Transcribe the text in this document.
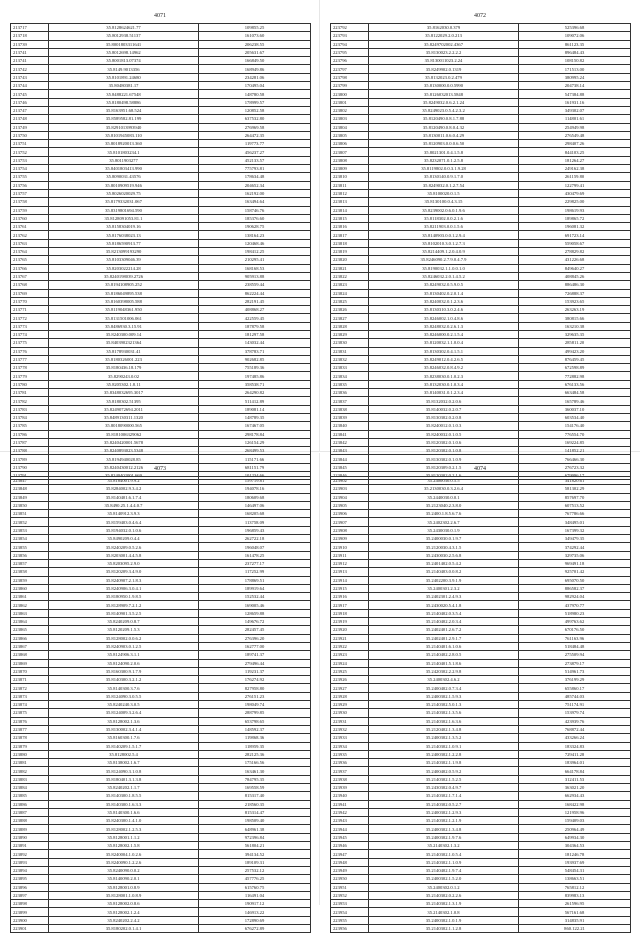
4071
213717	35.8128624621.77	109855.25
213718	35.8012938.51137	161073.60
213739	35.8001803311641	206238.55
213741	35.8012698.14962	205631.67
213741	35.8001813.07374	166849.50
213742	35.8149.9013356	168949.86
213743	35.8101891.24680	234281.06
213744	35.80480381.17	170495.04
213745	35.8488221.67548	148780.58
213746	35.8180498.58886	178999.57
213747	35.8163951.68.524	120852.58
213748	35.8589582.81.199	637532.80
213749	35.8291013993940	276969.58
213750	35.8101945083.110	264472.35
213751	35.8018920013.360	119773.77
213752	35.8101803234.1	456237.27
213753	35.8011903277	452133.57
213754	35.8401803413.990	775793.81
213755	35.8090031.43576	178634.48
213756	35.8010909519.946	204652.34
213757	35.8026020029.75	162192.00
213758	35.8179332031.067	163494.64
213759	35.8319801694.590	158746.76
213760	35.8128091053.81.1	185376.60
213761	35.8158304019.16	190628.75
213762	35.8176038023.13	138164.23
213763	35.8186590913.77	120468.46
213764	35.8213099193290	198412.25
213765	35.8103309046.39	210295.41
213766	35.8203022214.28	168168.53
213767	35.8240198039.2726	905913.88
213768	35.8194108905.252	238559.44
213769	35.8186049895.538	862224.44
213770	35.8160398005.588	282191.45
213771	35.8119048361.950	408868.27
213772	35.8131501006.061	422559.45
213773	35.8486930.3.15.91	187879.58
213774	35.8240300.009.14	181297.58
213775	35.8403902321364	143032.44
213776	35.8178930031.41	378783.71
213777	35.8180326001.223	902682.85
213778	35.8180436.18.179	755189.36
213779	35.8290243.0.02	197485.86
213780	35.8205302.1.8.11	358538.71
213781	35.8348032695.3017	264290.82
213782	35.8180302.51395	511412.89
213783	35.8249072694.2011	189081.14
213784	35.8489130311.1320	148789.35
213785	35.8018090000.565	167467.05
213786	35.8181006329062	298178.84
213787	35.8240420001.5678	126154.29
213788	35.8240893023.5348	268499.53
213789	35.8194940028.85	115171.66
213790	35.8240430012.2126	681151.79
213791	35.8240402001.669	101234.66
4072
223792	35.8162030.0.379	525396.68
223793	35.8122029.2.0.213	109072.06
223794	35.8249702002.4367	861123.35
223795	35.8130023.2.2.2.2	896484.43
223796	35.8130011023.2.24	108150.82
223797	35.8249902.0.1319	171513.00
223798	35.8132023.0.2.479	380995.24
223799	35.8130000.0.0.5990	204738.14
223800	35.8126032013.5848	547384.88
223801	35.8249032.0.6.2.1.24	161931.16
223802	35.8249023.0.5.4.2.3.2	349302.07
223803	35.8120490.0.8.1.7.88	114801.61
223804	35.8120490.0.8.0.4.32	254949.98
223805	35.8130011.0.6.0.4.29	276549.48
223806	35.8120903.0.0.0.6.50	298407.26
223807	35.8021301.0.4.1.5.8	844103.25
223808	35.8232071.0.1.2.5.8	181264.27
223809	35.8119802.0.0.3.1.9.28	249162.38
223810	35.8130140.0.9.1.7.0	261159.80
223811	35.8249032.0.1.2.7.54	122799.41
223812	35.8100020.0.1.5	430479.69
223813	35.8130100.0.4.3.15	229825.00
223814	35.8239002.0.6.0.1.9.6	198619.93
223815	35.8118302.0.0.2.1.6	189865.72
223816	35.8211903.0.0.1.5.6	196081.32
223817	35.8140903.0.0.1.2.9.4	691723.14
223818	35.8102010.3.0.1.2.7.3	559058.67
223819	35.8214409.1.2.0.4.0.9	278829.82
223820	35.8246090.2.7.9.0.4.7.9	431226.68
223821	35.8190032.1.1.0.0.1.0	849640.27
223822	35.8246032.2.0.1.4.5.2	408845.26
223823	35.8249032.0.5.9.0.5	886486.30
223824	35.8130402.0.2.0.1.4	726888.37
223825	35.8240032.0.1.2.3.6	153923.65
223826	35.8130310.3.0.2.4.6	263263.19
223827	35.8246002.1.0.4.8.6	380815.66
223828	35.8248032.0.2.6.1.3	163210.38
223829	35.8246000.0.2.1.5.4	329635.35
223830	35.8120032.1.1.0.0.4	285811.20
223831	35.8130302.0.4.1.5.1	499423.20
223832	35.8249012.0.4.2.6.5	876459.45
223833	35.8246032.0.8.4.9.2	672598.89
223834	35.8238030.0.1.0.2.3	772882.98
223835	35.8132030.0.1.0.3.4	676133.56
223836	35.8140031.0.1.2.3.4	663484.58
223837	35.8132032.0.2.0.6	165789.46
223838	35.8140032.0.2.0.7	360037.10
223839	35.8130302.0.2.0.8	603534.40
223840	35.8240012.0.1.0.3	154176.40
223841	35.8240032.0.1.0.5	776554.70
223842	35.8120302.0.1.0.6	169224.85
223843	35.8120302.0.1.0.8	141852.21
223844	35.8130302.0.1.0.9	766466.30
223845	35.8120309.0.2.1.5	276723.32
223846	35.8120302.0.2.1.6	679996.17
4073
223847	35.8184001.9.9.2	159719.81
223848	35.8284002.9.3.4.2	194078.16
223849	35.8140401.6.1.7.4	180609.68
223850	35.8490.25.1.4.4.0.7	146497.06
223851	35.8140912.3.9.3	168205.68
223852	35.8159403.0.4.6.4	113758.09
223853	35.8194032.0.1.0.6	196859.43
223854	35.8490209.0.4.4	262722.18
223855	35.8240209.0.5.2.6	196048.07
223856	35.8203001.4.4.5.8	161478.25
223857	35.8203095.2.9.0	237277.17
223858	35.8120209.3.4.9.0	117252.99
223859	35.8240907.2.1.8.3	178869.51
223860	35.8240906.3.0.4.1	189919.64
223861	35.8180950.1.9.8.5	152532.44
223862	35.8128909.7.2.1.2	169005.46
223863	35.8140901.3.5.2.5	128659.88
223864	35.8240209.0.8.7	149676.72
223865	35.8120209.1.5.3	282457.45
223866	35.8128002.0.0.6.2	276396.20
223867	35.8240903.0.1.2.5	162777.00
223868	35.8124906.3.1.1	189741.37
223869	35.8124090.2.0.6	279496.44
223870	35.8160300.9.1.7.9	119231.37
223871	35.8140300.3.2.1.2	176274.92
223872	35.8140300.3.7.6	827958.80
223873	35.8124090.3.0.5.5	276151.23
223874	35.8240240.3.0.5	198049.74
223875	35.8124009.3.2.6.4	288799.85
223876	35.8128002.1.3.6	653798.65
223877	35.8130002.3.4.1.4	148592.37
223878	35.8160300.1.7.6	119868.36
223879	35.8140209.1.5.1.7	118959.35
223880	35.8128002.5.4	282125.36
223881	35.8138002.1.6.7	175166.56
223882	35.8124090.3.1.0.8	163461.30
223883	35.8180401.3.1.3.8	784795.35
223884	35.8240202.1.1.7	169558.59
223885	35.8140300.1.8.5.5	815317.40
223886	35.8140300.1.6.3.3	218560.35
223887	35.8140300.1.6.6	815314.47
223888	35.8240300.1.4.1.0	198509.40
223889	35.8128002.1.2.5.3	648961.38
223890	35.8128001.1.1.2	972396.84
223891	35.8128002.1.5.8	561804.21
223892	35.8240004.1.0.2.6	394134.52
223893	35.8240090.1.2.2.6	189109.31
223894	35.8240090.0.0.2	257532.12
223895	35.8140090.2.0.1	457776.25
223896	35.8128001.0.8.9	615760.75
223897	35.8128001.1.0.8.9	116491.04
223898	35.8128002.0.8.6	190917.12
223899	35.8128002.1.2.4	146913.22
223900	35.8240202.2.4.2	172890.69
223901	35.8180202.0.1.4.1	676272.89
4074
223902	35.2400030.0.5.5	341820.61
223903	35.2130030.0.3.2.6.4	581302.29
223904	35.2440030.0.0.1	857697.70
223905	35.2123040.2.3.8.0	607513.52
223906	35.2400.1.8.5.6.7.6	767786.66
223907	35.2402302.2.6.7	348495.01
223908	35.2430030.0.1.9	167399.32
223909	35.2400030.0.1.9.7	349479.35
223910	35.2120030.4.3.1.5	374292.44
223911	35.2430030.2.5.6.8	329735.06
223912	35.2401402.0.5.4.2	969491.18
223913	35.2140403.0.0.8.2	925701.42
223914	35.2402200.3.9.1.9	695070.50
223915	35.2400301.2.3.2	886582.37
223916	35.2402301.2.4.9.3	982924.04
223917	35.2430020.5.4.1.8	437970.77
223918	35.2140402.0.3.5.4	518980.23
223919	35.2140402.2.0.3.4	499763.62
223920	35.2402401.2.6.7.2	670176.50
223921	35.2402401.2.9.1.7	761163.96
223922	35.2140401.6.1.0.6	518484.48
223923	35.2140402.2.8.0.5	275509.94
223924	35.2140401.5.1.8.6	273879.17
223925	35.2420302.2.2.9.8	514961.73
223926	35.2400302.4.6.2	376199.29
223927	35.2400402.0.7.3.4	655860.17
223928	35.2400302.1.5.9.3	485744.03
223929	35.2140302.5.0.1.3	751174.91
223930	35.2140302.1.3.5.6	153979.74
223931	35.2140302.1.6.3.6	423939.76
223932	35.2120402.1.3.4.8	768872.44
223933	35.2400302.1.3.5.2	433266.24
223934	35.2140302.1.0.9.1	183324.83
223935	35.2400302.1.2.2.8	729411.28
223936	35.2140302.1.1.9.8	183964.01
223937	35.2400402.0.5.9.2	664178.84
223938	35.2140302.1.5.2.5	312411.53
223939	35.2430302.0.4.9.7	363021.20
223940	35.2140302.1.7.1.4	662934.43
223941	35.2140302.0.5.2.7	168422.98
223942	35.2400302.1.2.9.3	121958.96
223943	35.2140302.1.2.1.9	159409.03
223944	35.2400302.1.3.4.8	250964.49
223945	35.2400302.1.9.7.6	649934.30
223946	35.2140302.1.3.2	304364.53
223947	35.2140302.1.0.5.4	181246.78
223948	35.2140302.1.1.0.9	193937.69
223949	35.2140402.1.9.7.4	548454.31
223950	35.2400302.1.5.2.0	138663.51
223951	35.2400302.0.1.2	765812.12
223952	35.2140302.0.2.2.6	839983.13
223953	35.2140302.1.3.1.9	261596.95
223954	35.2140302.1.0.8	567161.68
223955	35.2400302.1.0.1.9	314835.91
223956	35.2140302.1.1.2.8	860.122.21
